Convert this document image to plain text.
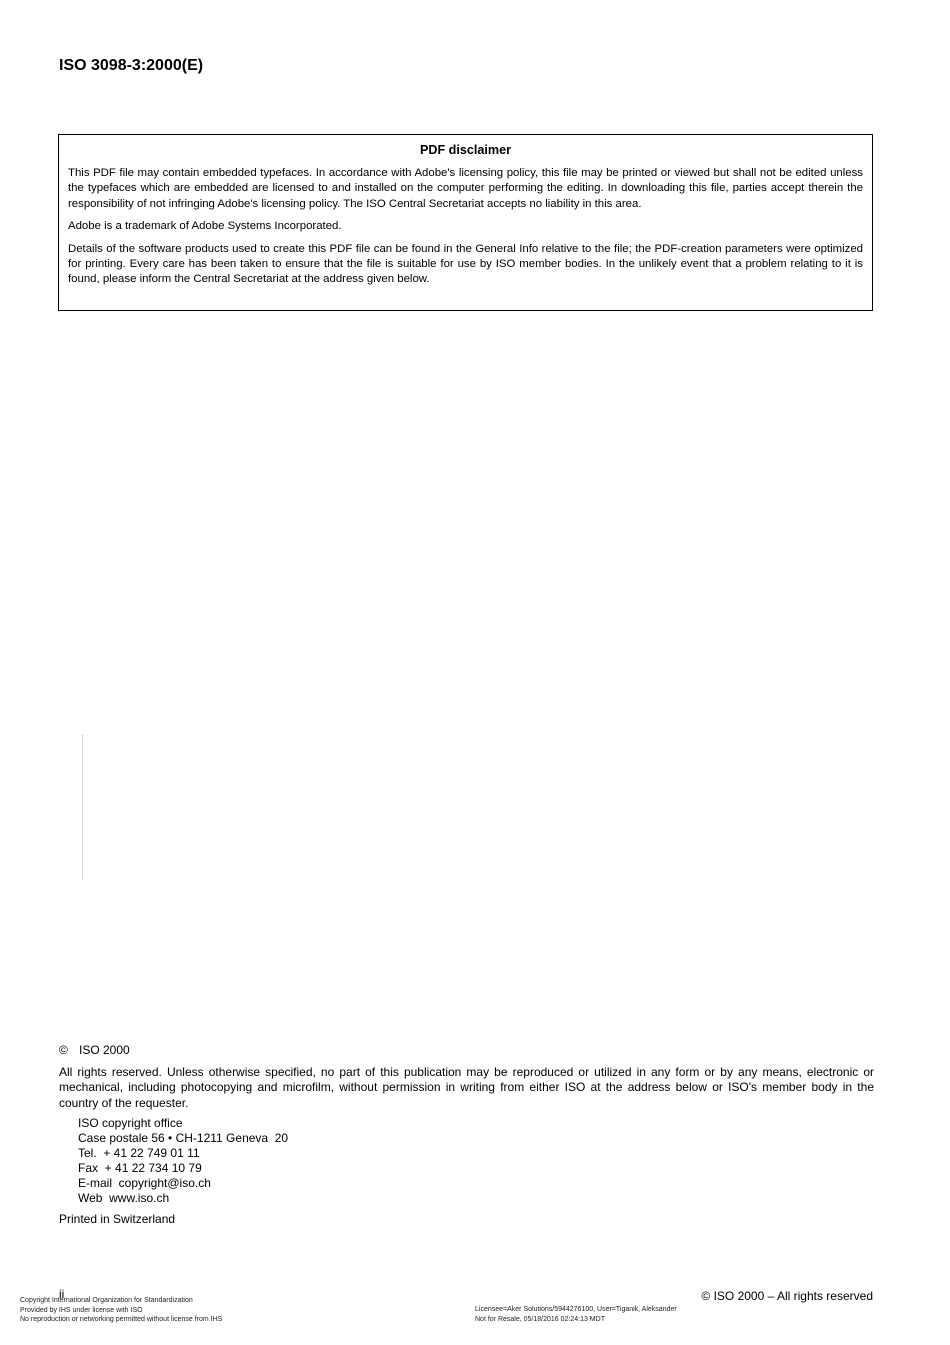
ISO 3098-3:2000(E)
PDF disclaimer

This PDF file may contain embedded typefaces. In accordance with Adobe's licensing policy, this file may be printed or viewed but shall not be edited unless the typefaces which are embedded are licensed to and installed on the computer performing the editing. In downloading this file, parties accept therein the responsibility of not infringing Adobe's licensing policy. The ISO Central Secretariat accepts no liability in this area.

Adobe is a trademark of Adobe Systems Incorporated.

Details of the software products used to create this PDF file can be found in the General Info relative to the file; the PDF-creation parameters were optimized for printing. Every care has been taken to ensure that the file is suitable for use by ISO member bodies. In the unlikely event that a problem relating to it is found, please inform the Central Secretariat at the address given below.

© ISO 2000
All rights reserved. Unless otherwise specified, no part of this publication may be reproduced or utilized in any form or by any means, electronic or mechanical, including photocopying and microfilm, without permission in writing from either ISO at the address below or ISO's member body in the country of the requester.
ISO copyright office
Case postale 56 • CH-1211 Geneva  20
Tel.  + 41 22 749 01 11
Fax  + 41 22 734 10 79
E-mail  copyright@iso.ch
Web  www.iso.ch
Printed in Switzerland
ii	© ISO 2000 – All rights reserved
Copyright International Organization for Standardization
Provided by IHS under license with ISO
No reproduction or networking permitted without license from IHS
Licensee=Aker Solutions/5944276100, User=Tiganik, Aleksander
Not for Resale, 05/18/2016 02:24:13 MDT
